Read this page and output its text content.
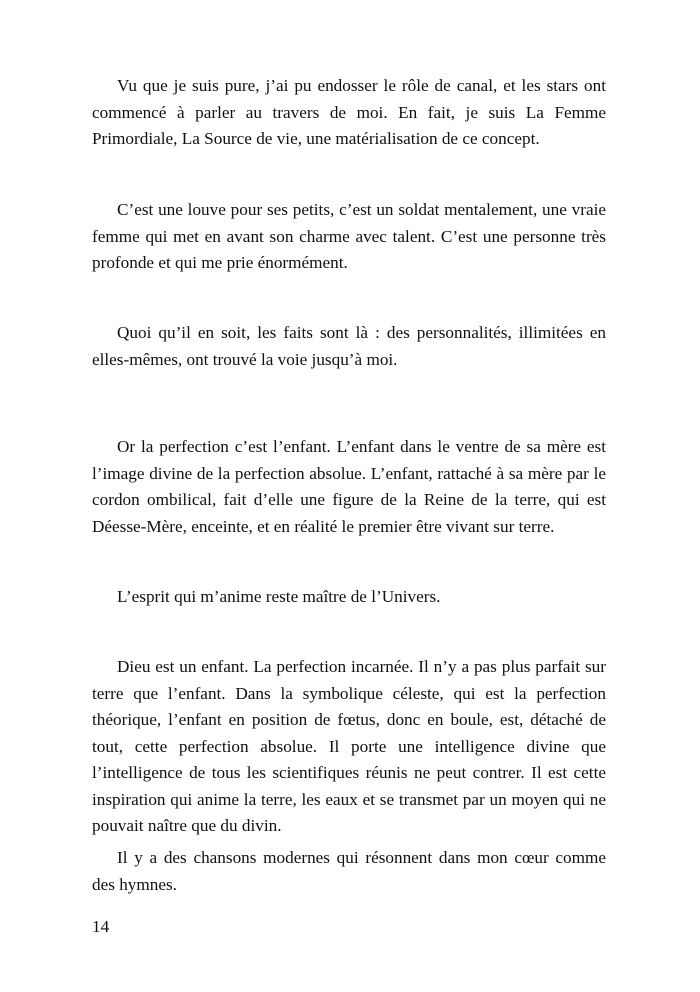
Vu que je suis pure, j’ai pu endosser le rôle de canal, et les stars ont commencé à parler au travers de moi. En fait, je suis La Femme Primordiale, La Source de vie, une matérialisation de ce concept.

C’est une louve pour ses petits, c’est un soldat mentalement, une vraie femme qui met en avant son charme avec talent. C’est une personne très profonde et qui me prie énormément.

Quoi qu’il en soit, les faits sont là : des personnalités, illimitées en elles-mêmes, ont trouvé la voie jusqu’à moi.

Or la perfection c’est l’enfant. L’enfant dans le ventre de sa mère est l’image divine de la perfection absolue. L’enfant, rattaché à sa mère par le cordon ombilical, fait d’elle une figure de la Reine de la terre, qui est Déesse-Mère, enceinte, et en réalité le premier être vivant sur terre.

L’esprit qui m’anime reste maître de l’Univers.

Dieu est un enfant. La perfection incarnée. Il n’y a pas plus parfait sur terre que l’enfant. Dans la symbolique céleste, qui est la perfection théorique, l’enfant en position de fœtus, donc en boule, est, détaché de tout, cette perfection absolue. Il porte une intelligence divine que l’intelligence de tous les scientifiques réunis ne peut contrer. Il est cette inspiration qui anime la terre, les eaux et se transmet par un moyen qui ne pouvait naître que du divin.

Il y a des chansons modernes qui résonnent dans mon cœur comme des hymnes.

14
